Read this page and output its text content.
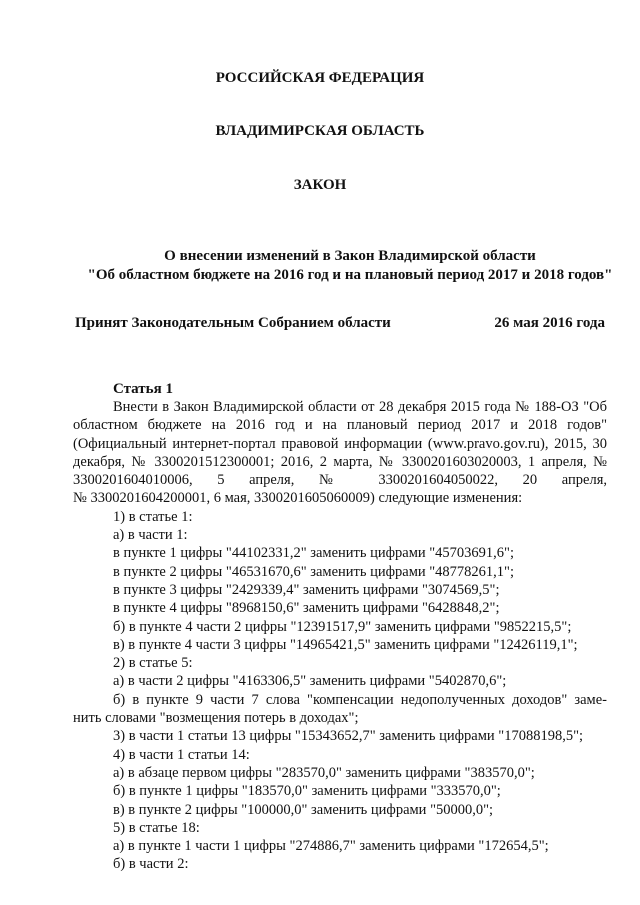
РОССИЙСКАЯ ФЕДЕРАЦИЯ
ВЛАДИМИРСКАЯ ОБЛАСТЬ
ЗАКОН
О внесении изменений в Закон Владимирской области
"Об областном бюджете на 2016 год и на плановый период 2017 и 2018 годов"
Принят Законодательным Собранием области	26 мая 2016 года
Статья 1

Внести в Закон Владимирской области от 28 декабря 2015 года № 188-ОЗ "Об областном бюджете на 2016 год и на плановый период 2017 и 2018 годов" (Официальный интернет-портал правовой информации (www.pravo.gov.ru), 2015, 30 декабря, № 3300201512300001; 2016, 2 марта, № 3300201603020003, 1 апреля, № 3300201604010006, 5 апреля, № 3300201604050022, 20 апреля,

№ 3300201604200001, 6 мая, 3300201605060009) следующие изменения:

1) в статье 1:

а) в части 1:

в пункте 1 цифры "44102331,2" заменить цифрами "45703691,6";

в пункте 2 цифры "46531670,6" заменить цифрами "48778261,1";

в пункте 3 цифры "2429339,4" заменить цифрами "3074569,5";

в пункте 4 цифры "8968150,6" заменить цифрами "6428848,2";

б) в пункте 4 части 2 цифры "12391517,9" заменить цифрами "9852215,5";

в) в пункте 4 части 3 цифры "14965421,5" заменить цифрами "12426119,1";

2) в статье 5:

а) в части 2 цифры "4163306,5" заменить цифрами "5402870,6";

б) в пункте 9 части 7 слова "компенсации недополученных доходов" заме-

нить словами "возмещения потерь в доходах";

3) в части 1 статьи 13 цифры "15343652,7" заменить цифрами "17088198,5";

4) в части 1 статьи 14:

а) в абзаце первом цифры "283570,0" заменить цифрами "383570,0";

б) в пункте 1 цифры "183570,0" заменить цифрами "333570,0";

в) в пункте 2 цифры "100000,0" заменить цифрами "50000,0";

5) в статье 18:

а) в пункте 1 части 1 цифры "274886,7" заменить цифрами "172654,5";

б) в части 2:
